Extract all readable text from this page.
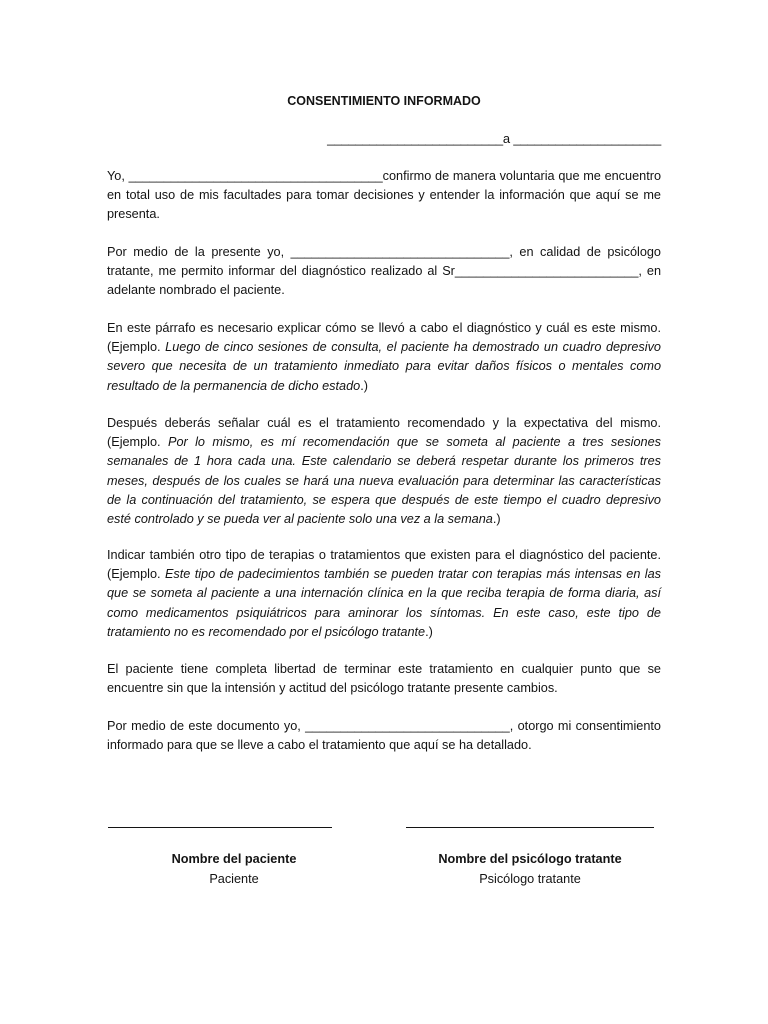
CONSENTIMIENTO INFORMADO
_________________________a _____________________

Yo, ____________________________________confirmo de manera voluntaria que me encuentro en total uso de mis facultades para tomar decisiones y entender la información que aquí se me presenta.

Por medio de la presente yo, _______________________________, en calidad de psicólogo tratante, me permito informar del diagnóstico realizado al Sr__________________________, en adelante nombrado el paciente.

En este párrafo es necesario explicar cómo se llevó a cabo el diagnóstico y cuál es este mismo. (Ejemplo. Luego de cinco sesiones de consulta, el paciente ha demostrado un cuadro depresivo severo que necesita de un tratamiento inmediato para evitar daños físicos o mentales como resultado de la permanencia de dicho estado.)

Después deberás señalar cuál es el tratamiento recomendado y la expectativa del mismo. (Ejemplo. Por lo mismo, es mí recomendación que se someta al paciente a tres sesiones semanales de 1 hora cada una. Este calendario se deberá respetar durante los primeros tres meses, después de los cuales se hará una nueva evaluación para determinar las características de la continuación del tratamiento, se espera que después de este tiempo el cuadro depresivo esté controlado y se pueda ver al paciente solo una vez a la semana.)

Indicar también otro tipo de terapias o tratamientos que existen para el diagnóstico del paciente. (Ejemplo. Este tipo de padecimientos también se pueden tratar con terapias más intensas en las que se someta al paciente a una internación clínica en la que reciba terapia de forma diaria, así como medicamentos psiquiátricos para aminorar los síntomas. En este caso, este tipo de tratamiento no es recomendado por el psicólogo tratante.)

El paciente tiene completa libertad de terminar este tratamiento en cualquier punto que se encuentre sin que la intensión y actitud del psicólogo tratante presente cambios.

Por medio de este documento yo, _____________________________, otorgo mi consentimiento informado para que se lleve a cabo el tratamiento que aquí se ha detallado.

Nombre del paciente
Paciente
Nombre del psicólogo tratante
Psicólogo tratante
